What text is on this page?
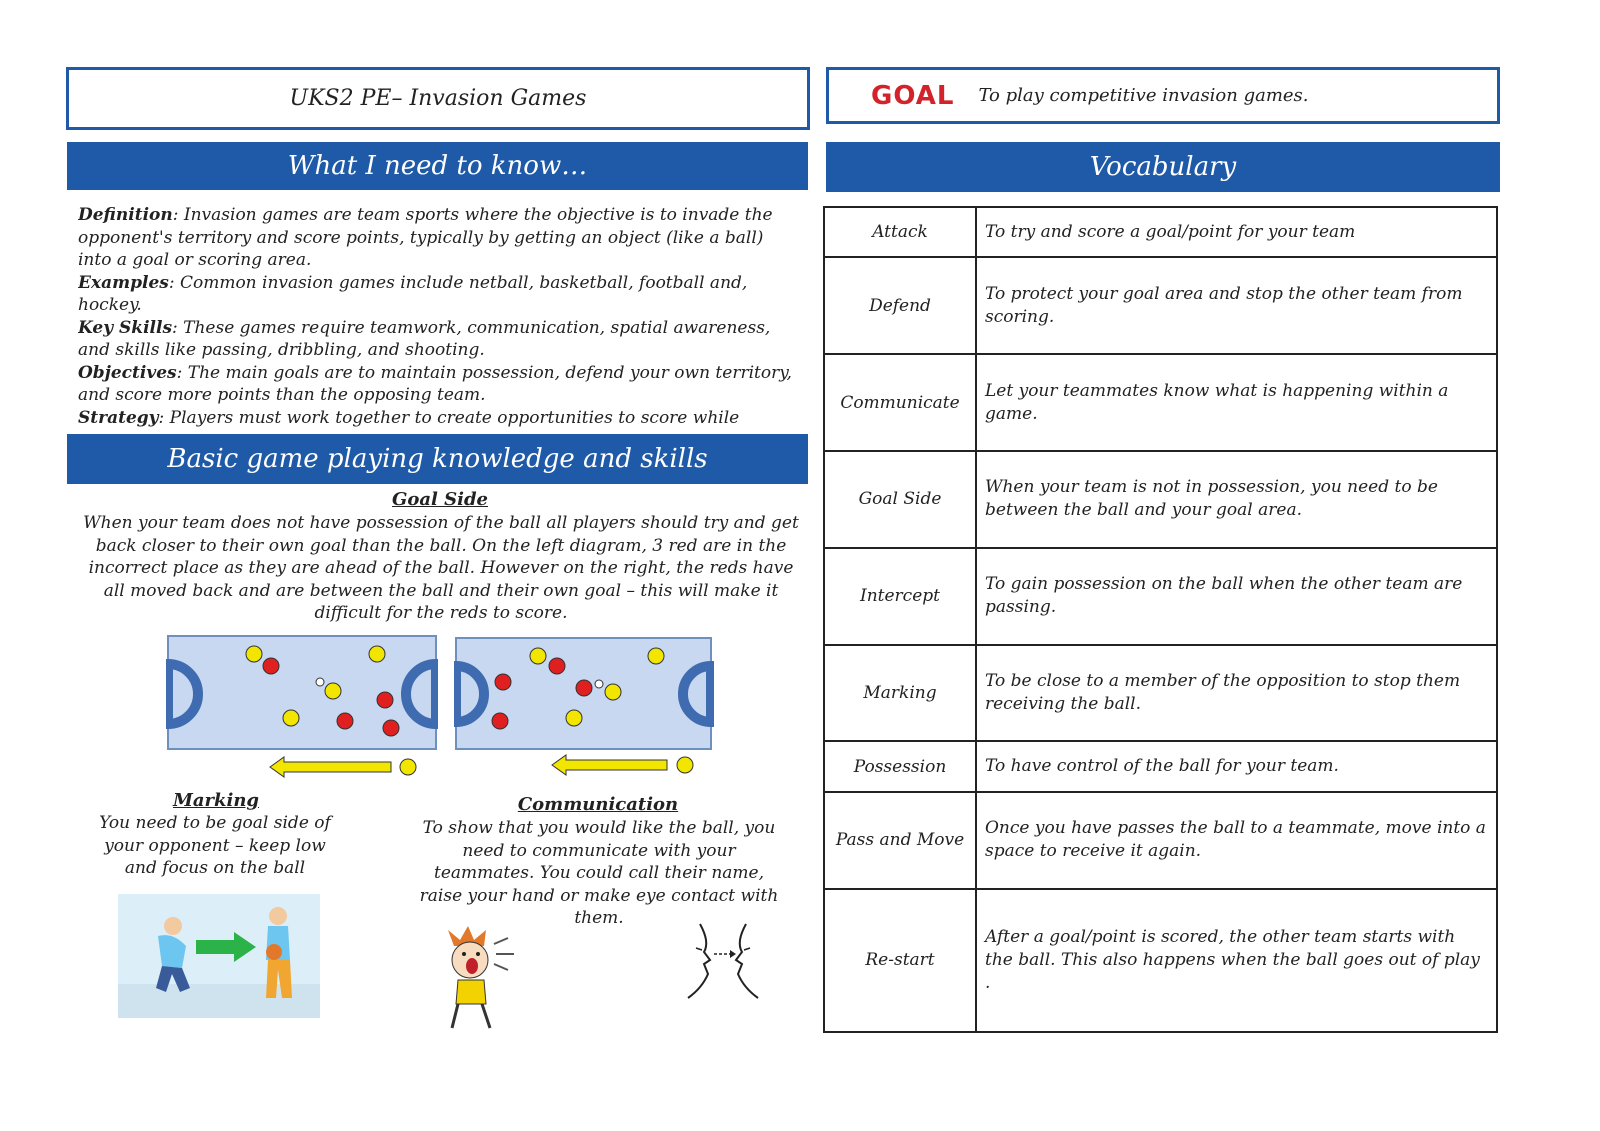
UKS2 PE– Invasion Games	GOAL To play competitive invasion games.
What I need to know…
Definition: Invasion games are team sports where the objective is to invade the opponent's territory and score points, typically by getting an object (like a ball) into a goal or scoring area.
Examples: Common invasion games include netball, basketball, football and, hockey.
Key Skills: These games require teamwork, communication, spatial awareness, and skills like passing, dribbling, and shooting.
Objectives: The main goals are to maintain possession, defend your own territory, and score more points than the opposing team.
Strategy: Players must work together to create opportunities to score while
Basic game playing knowledge and skills
Goal Side
When your team does not have possession of the ball all players should try and get back closer to their own goal than the ball. On the left diagram, 3 red are in the incorrect place as they are ahead of the ball. However on the right, the reds have all moved back and are between the ball and their own goal – this will make it difficult for the reds to score.
Marking
You need to be goal side of your opponent – keep low and focus on the ball
Communication
To show that you would like the ball, you need to communicate with your teammates. You could call their name, raise your hand or make eye contact with them.
Vocabulary
Attack	To try and score a goal/point for your team
Defend	To protect your goal area and stop the other team from scoring.
Communicate	Let your teammates know what is happening within a game.
Goal Side	When your team is not in possession, you need to be between the ball and your goal area.
Intercept	To gain possession on the ball when the other team are passing.
Marking	To be close to a member of the opposition to stop them receiving the ball.
Possession	To have control of the ball for your team.
Pass and Move	Once you have passes the ball to a teammate, move into a space to receive it again.
Re-start	After a goal/point is scored, the other team starts with the ball. This also happens when the ball goes out of play .
